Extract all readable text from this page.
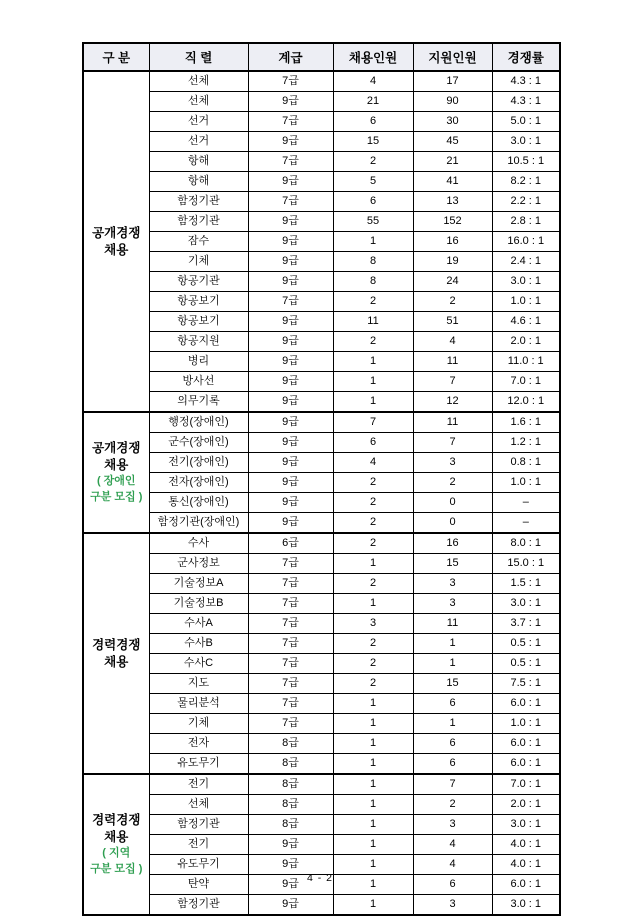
구 분	직 렬	계급	채용인원	지원인원	경쟁률

공개경쟁
채용	선체	7급	4	17	4.3 : 1
	선체	9급	21	90	4.3 : 1
	선거	7급	6	30	5.0 : 1
	선거	9급	15	45	3.0 : 1
	항해	7급	2	21	10.5 : 1
	항해	9급	5	41	8.2 : 1
	함정기관	7급	6	13	2.2 : 1
	함정기관	9급	55	152	2.8 : 1
	잠수	9급	1	16	16.0 : 1
	기체	9급	8	19	2.4 : 1
	항공기관	9급	8	24	3.0 : 1
	항공보기	7급	2	2	1.0 : 1
	항공보기	9급	11	51	4.6 : 1
	항공지원	9급	2	4	2.0 : 1
	병리	9급	1	11	11.0 : 1
	방사선	9급	1	7	7.0 : 1
	의무기록	9급	1	12	12.0 : 1

공개경쟁
채용
( 장애인
구분 모집 )	행정(장애인)	9급	7	11	1.6 : 1
	군수(장애인)	9급	6	7	1.2 : 1
	전기(장애인)	9급	4	3	0.8 : 1
	전자(장애인)	9급	2	2	1.0 : 1
	통신(장애인)	9급	2	0	–
	함정기관(장애인)	9급	2	0	–

경력경쟁
채용	수사	6급	2	16	8.0 : 1
	군사정보	7급	1	15	15.0 : 1
	기술정보A	7급	2	3	1.5 : 1
	기술정보B	7급	1	3	3.0 : 1
	수사A	7급	3	11	3.7 : 1
	수사B	7급	2	1	0.5 : 1
	수사C	7급	2	1	0.5 : 1
	지도	7급	2	15	7.5 : 1
	물리분석	7급	1	6	6.0 : 1
	기체	7급	1	1	1.0 : 1
	전자	8급	1	6	6.0 : 1
	유도무기	8급	1	6	6.0 : 1

경력경쟁
채용
( 지역
구분 모집 )	전기	8급	1	7	7.0 : 1
	선체	8급	1	2	2.0 : 1
	함정기관	8급	1	3	3.0 : 1
	전기	9급	1	4	4.0 : 1
	유도무기	9급	1	4	4.0 : 1
	탄약	9급	1	6	6.0 : 1
	함정기관	9급	1	3	3.0 : 1
4 - 2
